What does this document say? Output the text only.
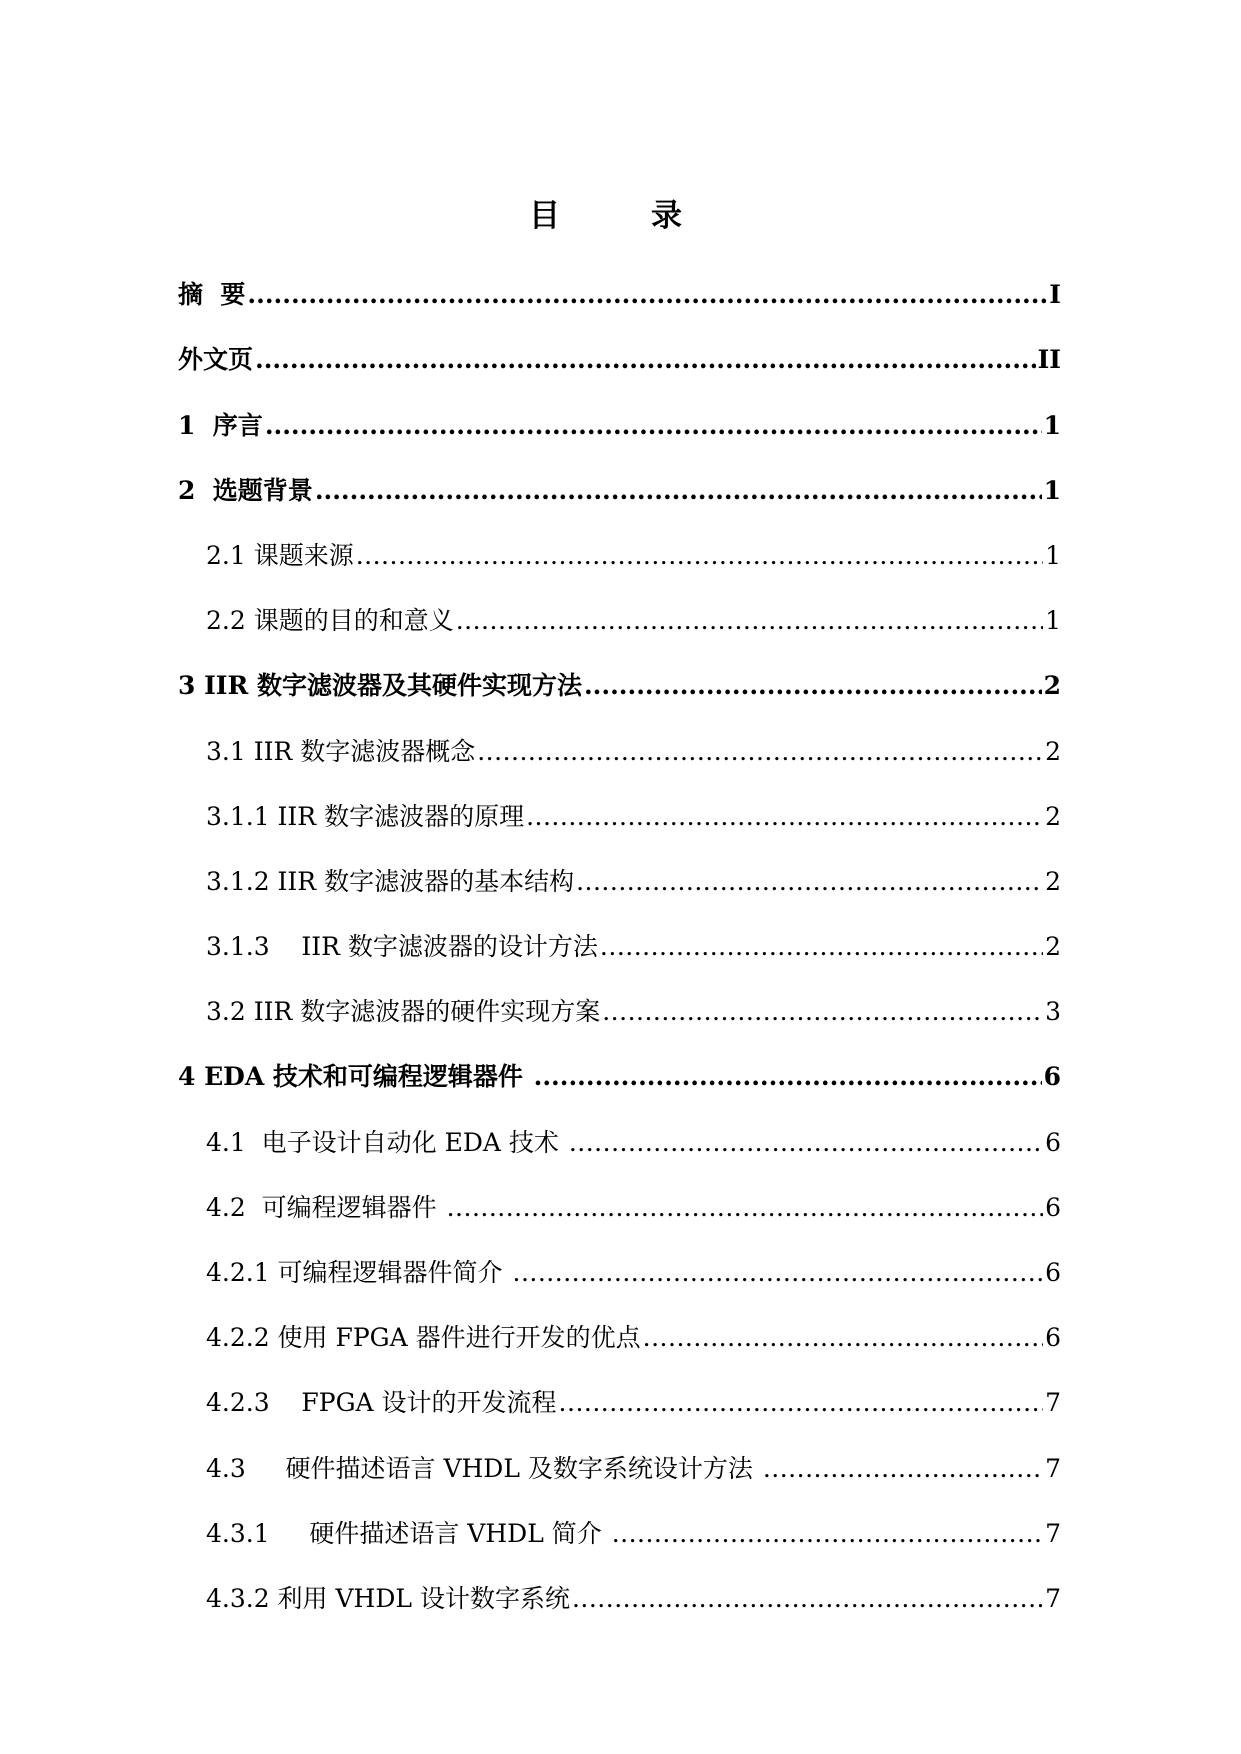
目　录
摘  要 .....	I
外文页 .....	II
1  序言 .....	1
2  选题背景 .....	1
2.1 课题来源 .....	1
2.2 课题的目的和意义 .....	1
3 IIR 数字滤波器及其硬件实现方法 .....	2
3.1 IIR 数字滤波器概念 .....	2
3.1.1 IIR 数字滤波器的原理 .....	2
3.1.2 IIR 数字滤波器的基本结构 .....	2
3.1.3    IIR 数字滤波器的设计方法 .....	2
3.2 IIR 数字滤波器的硬件实现方案 .....	3
4 EDA 技术和可编程逻辑器件 .....	6
4.1  电子设计自动化 EDA 技术 .....	6
4.2  可编程逻辑器件 .....	6
4.2.1 可编程逻辑器件简介 .....	6
4.2.2 使用 FPGA 器件进行开发的优点 .....	6
4.2.3    FPGA 设计的开发流程 .....	7
4.3     硬件描述语言 VHDL 及数字系统设计方法 .....	7
4.3.1     硬件描述语言 VHDL 简介 .....	7
4.3.2 利用 VHDL 设计数字系统 .....	7
